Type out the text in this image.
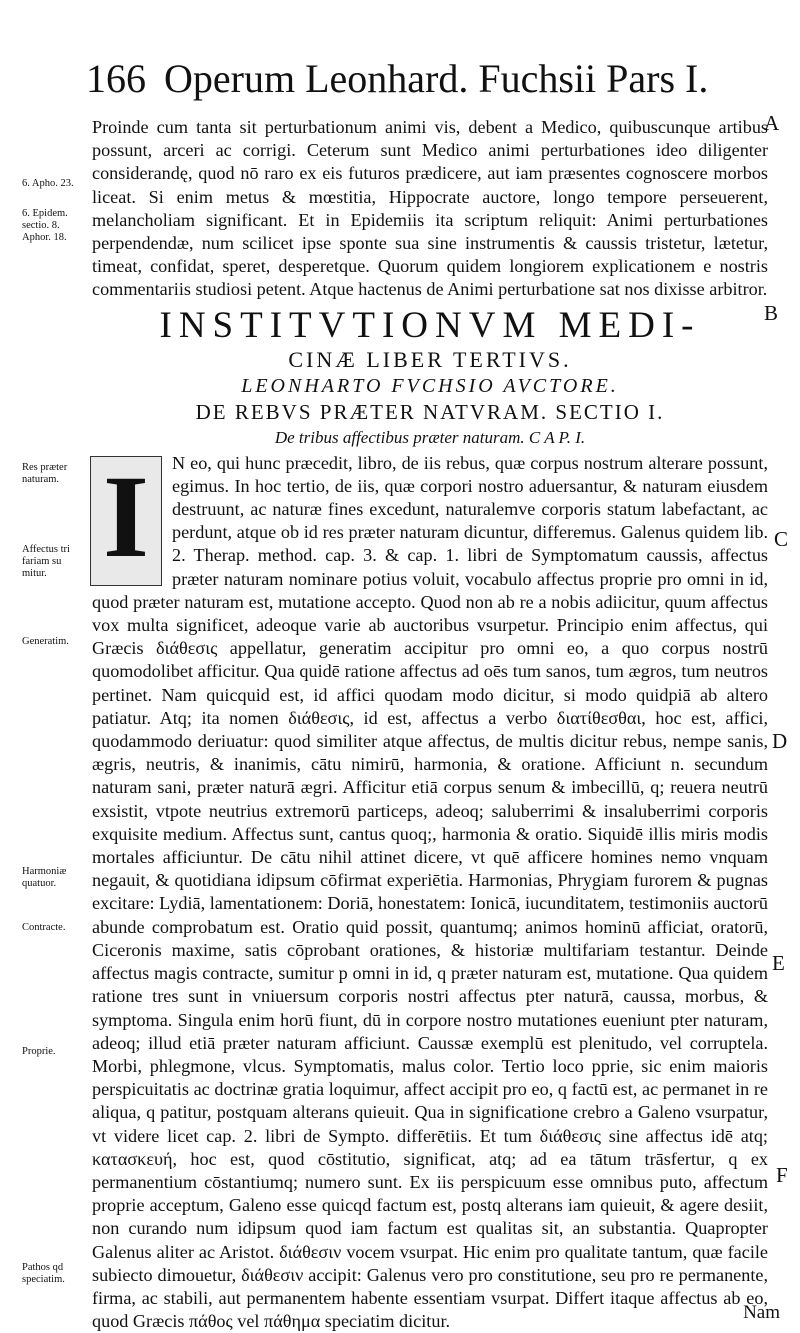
166 Operum Leonhard. Fuchsii Pars I.

Proinde cum tanta sit perturbationum animi vis, debent a Medico, quibuscunque artibus possunt, arceri ac corrigi. Ceterum sunt Medico animi perturbationes ideo diligenter considerandę, quod nō raro ex eis futuros prædicere, aut iam præsentes cognoscere morbos liceat. Si enim metus & mœstitia, Hippocrate auctore, longo tempore perseuerent, melancholiam significant. Et in Epidemiis ita scriptum reliquit: Animi perturbationes perpendendæ, num scilicet ipse sponte sua sine instrumentis & caussis tristetur, lætetur, timeat, confidat, speret, desperetque. Quorum quidem longiorem explicationem e nostris commentariis studiosi petent. Atque hactenus de Animi perturbatione sat nos dixisse arbitror.

INSTITVTIONVM MEDI-
CINÆ LIBER TERTIVS.
LEONHARTO FVCHSIO AVCTORE.
DE REBVS PRÆTER NATVRAM. SECTIO I.
De tribus affectibus præter naturam. C A P. I.

I	N eo, qui hunc præcedit, libro, de iis rebus, quæ corpus nostrum alterare possunt, egimus. In hoc tertio, de iis, quæ corpori nostro aduersantur, & naturam eiusdem destruunt, ac naturæ fines excedunt, naturalemve corporis statum labefactant, ac perdunt, atque ob id res præter naturam dicuntur, differemus. Galenus quidem lib. 2. Therap. method. cap. 3. & cap. 1. libri de Symptomatum caussis, affectus præter naturam nominare potius voluit, vocabulo affectus proprie pro omni in id, quod præter naturam est, mutatione accepto. Quod non ab re a nobis adiicitur, quum affectus vox multa significet, adeoque varie ab auctoribus vsurpetur. Principio enim affectus, qui Græcis διάθεσις appellatur, generatim accipitur pro omni eo, a quo corpus nostrū quomodolibet afficitur. Qua quidē ratione affectus ad oēs tum sanos, tum ægros, tum neutros pertinet. Nam quicquid est, id affici quodam modo dicitur, si modo quidpiā ab altero patiatur. Atq; ita nomen διάθεσις, id est, affectus a verbo διατίθεσθαι, hoc est, affici, quodammodo deriuatur: quod similiter atque affectus, de multis dicitur rebus, nempe sanis, ægris, neutris, & inanimis, cātu nimirū, harmonia, & oratione. Afficiunt n. secundum naturam sani, præter naturā ægri. Afficitur etiā corpus senum & imbecillū, q; reuera neutrū exsistit, vtpote neutrius extremorū particeps, adeoq; saluberrimi & insaluberrimi corporis exquisite medium. Affectus sunt, cantus quoq;, harmonia & oratio. Siquidē illis miris modis mortales afficiuntur. De cātu nihil attinet dicere, vt quē afficere homines nemo vnquam negauit, & quotidiana idipsum cōfirmat experiētia. Harmonias, Phrygiam furorem & pugnas excitare: Lydiā, lamentationem: Doriā, honestatem: Ionicā, iucunditatem, testimoniis auctorū abunde comprobatum est. Oratio quid possit, quantumq; animos hominū afficiat, oratorū, Ciceronis maxime, satis cōprobant orationes, & historiæ multifariam testantur. Deinde affectus magis contracte, sumitur p omni in id, q præter naturam est, mutatione. Qua quidem ratione tres sunt in vniuersum corporis nostri affectus pter naturā, caussa, morbus, & symptoma. Singula enim horū fiunt, dū in corpore nostro mutationes eueniunt pter naturam, adeoq; illud etiā præter naturam afficiunt. Caussæ exemplū est plenitudo, vel corruptela. Morbi, phlegmone, vlcus. Symptomatis, malus color. Tertio loco pprie, sic enim maioris perspicuitatis ac doctrinæ gratia loquimur, affect accipit pro eo, q factū est, ac permanet in re aliqua, q patitur, postquam alterans quieuit. Qua in significatione crebro a Galeno vsurpatur, vt videre licet cap. 2. libri de Sympto. differētiis. Et tum διάθεσις sine affectus idē atq; κατασκευή, hoc est, quod cōstitutio, significat, atq; ad ea tātum trāsfertur, q ex permanentium cōstantiumq; numero sunt. Ex iis perspicuum esse omnibus puto, affectum proprie acceptum, Galeno esse quicqd factum est, postq alterans iam quieuit, & agere desiit, non curando num idipsum quod iam factum est qualitas sit, an substantia. Quapropter Galenus aliter ac Aristot. διάθεσιν vocem vsurpat. Hic enim pro qualitate tantum, quæ facile subiecto dimouetur, διάθεσιν accipit: Galenus vero pro constitutione, seu pro re permanente, firma, ac stabili, aut permanentem habente essentiam vsurpat. Differt itaque affectus ab eo, quod Græcis πάθος vel πάθημα speciatim dicitur.

6. Apho. 23.
6. Epidem.
sectio. 8.
Aphor. 18.
Res præter
naturam.
Affectus tri
fariam su
mitur.
Generatim.
Harmoniæ
quatuor.
Contracte.
Proprie.
Pathos qd
speciatim.
A
B
C
D
E
F
Nam
